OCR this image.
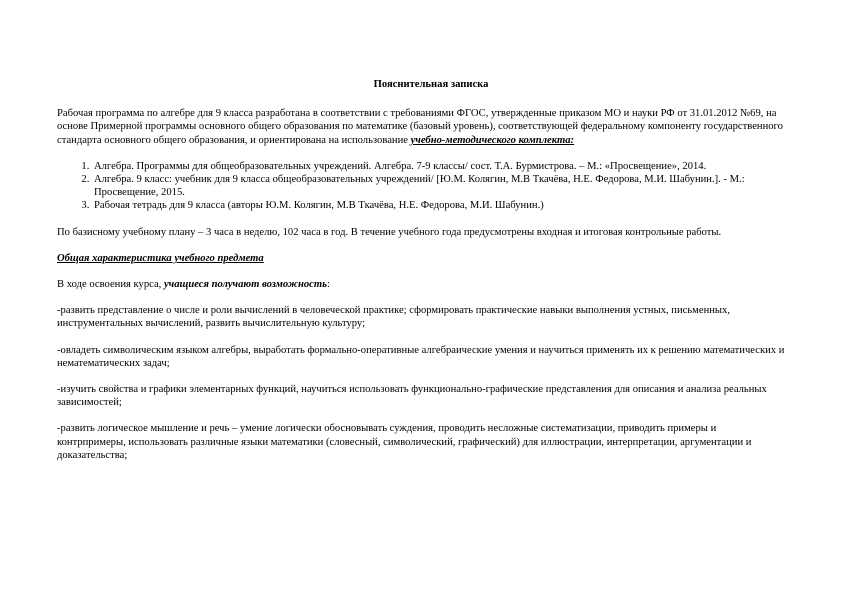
Пояснительная записка

Рабочая программа по алгебре для 9 класса разработана в соответствии с требованиями ФГОС, утвержденные приказом МО и науки РФ от 31.01.2012 №69, на основе Примерной программы основного общего образования по математике (базовый уровень), соответствующей федеральному компоненту государственного стандарта основного общего образования, и ориентирована на использование учебно-методического комплекта:

1. Алгебра. Программы для общеобразовательных учреждений. Алгебра. 7-9 классы/ сост. Т.А. Бурмистрова. – М.: «Просвещение», 2014.
2. Алгебра. 9 класс: учебник для 9 класса общеобразовательных учреждений/ [Ю.М. Колягин, М.В Ткачёва, Н.Е. Федорова, М.И. Шабунин.]. - М.: Просвещение, 2015.
3. Рабочая тетрадь для 9 класса (авторы Ю.М. Колягин, М.В Ткачёва, Н.Е. Федорова, М.И. Шабунин.)

По базисному учебному плану – 3 часа в неделю, 102 часа в год. В течение учебного года предусмотрены входная и итоговая контрольные работы.

Общая характеристика учебного предмета

В ходе освоения курса, учащиеся получают возможность:

-развить представление о числе и роли вычислений в человеческой практике; сформировать практические навыки выполнения устных, письменных, инструментальных вычислений, развить вычислительную культуру;

-овладеть символическим языком алгебры, выработать формально-оперативные алгебраические умения и научиться применять их к решению математических и нематематических задач;

-изучить свойства и графики элементарных функций, научиться использовать функционально-графические представления для описания и анализа реальных зависимостей;

-развить логическое мышление и речь – умение логически обосновывать суждения, проводить несложные систематизации, приводить примеры и контрпримеры, использовать различные языки математики (словесный, символический, графический) для иллюстрации, интерпретации, аргументации и доказательства;
